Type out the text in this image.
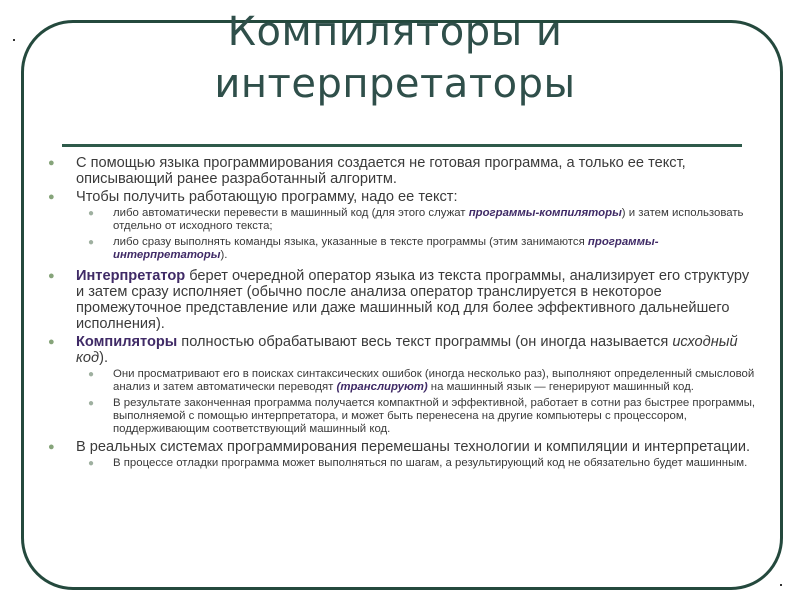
Компиляторы и
интерпретаторы
● С помощью языка программирования создается не готовая программа, а только ее текст, описывающий ранее разработанный алгоритм.
● Чтобы получить работающую программу, надо ее текст:
● либо автоматически перевести в машинный код (для этого служат программы-компиляторы) и затем использовать отдельно от исходного текста;
● либо сразу выполнять команды языка, указанные в тексте программы (этим занимаются программы-интерпретаторы).
● Интерпретатор берет очередной оператор языка из текста программы, анализирует его структуру и затем сразу исполняет (обычно после анализа оператор транслируется в некоторое промежуточное представление или даже машинный код для более эффективного дальнейшего исполнения).
● Компиляторы полностью обрабатывают весь текст программы (он иногда называется исходный код).
● Они просматривают его в поисках синтаксических ошибок (иногда несколько раз), выполняют определенный смысловой анализ и затем автоматически переводят (транслируют) на машинный язык — генерируют машинный код.
● В результате законченная программа получается компактной и эффективной, работает в сотни раз быстрее программы, выполняемой с помощью интерпретатора, и может быть перенесена на другие компьютеры с процессором, поддерживающим соответствующий машинный код.
● В реальных системах программирования перемешаны технологии и компиляции и интерпретации.
● В процессе отладки программа может выполняться по шагам, а результирующий код не обязательно будет машинным.
